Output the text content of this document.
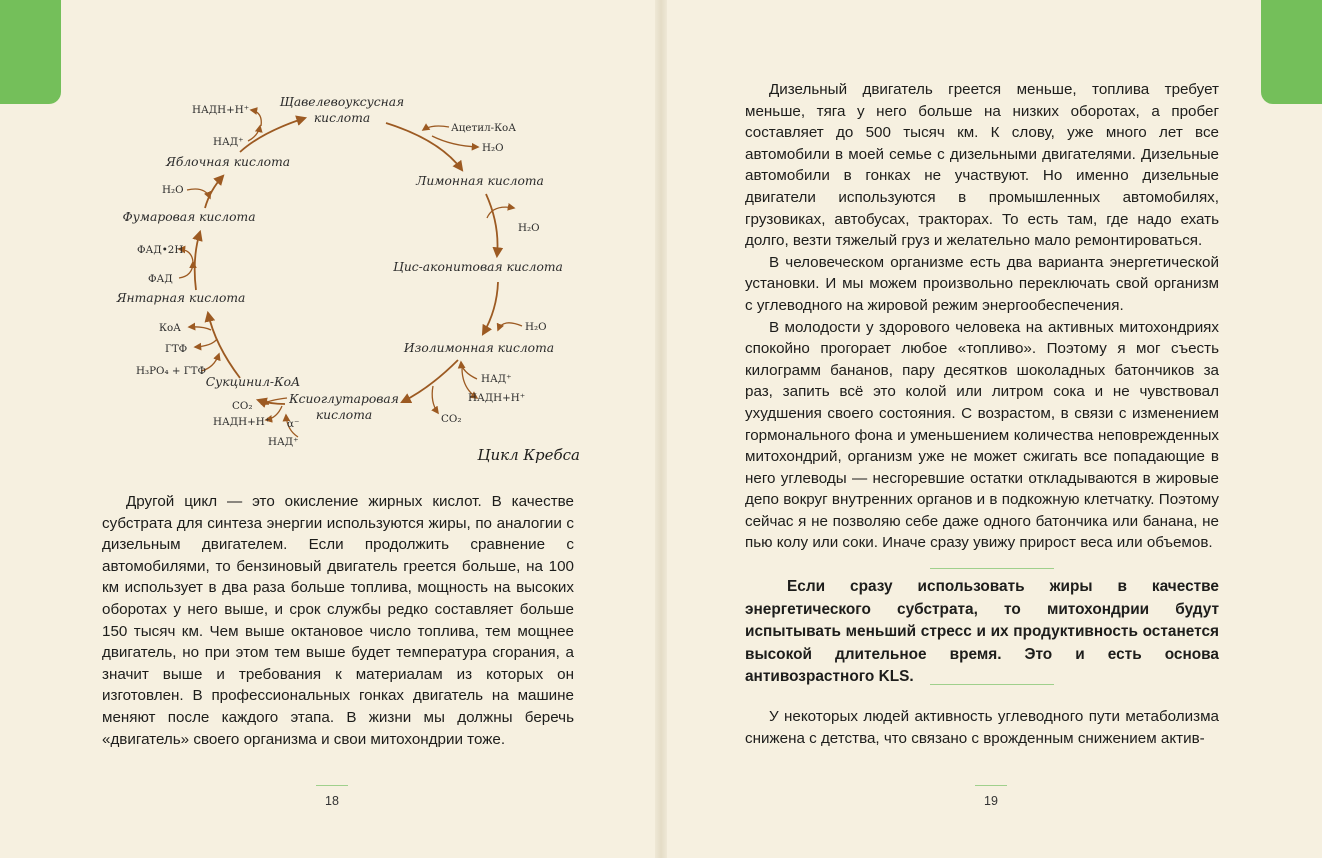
Щавелевоуксусная
кислота
Лимонная кислота
Цис-аконитовая кислота
Изолимонная кислота
Ксиоглутаровая
кислота
Сукцинил-КоА
Янтарная кислота
Фумаровая кислота
Яблочная кислота
Ацетил-КоА
H₂O
H₂O
H₂O
НАД⁺
НАДН+Н⁺
CO₂
CO₂
НАДН+Н⁺ α⁻
НАД⁺
КоА
ГТФ
H₃PO₄ + ГТФ
ФАД
ФАД•2Н
H₂O
НАД⁺
НАДН+Н⁺
Цикл Кребса

Другой цикл — это окисление жирных кислот. В качестве субстрата для синтеза энергии используются жиры, по аналогии с дизельным двигателем. Если продолжить сравнение с автомобилями, то бензиновый двигатель греется больше, на 100 км использует в два раза больше топлива, мощность на высоких оборотах у него выше, и срок службы редко составляет больше 150 тысяч км. Чем выше октановое число топлива, тем мощнее двигатель, но при этом тем выше будет температура сгорания, а значит выше и требования к материалам из которых он изготовлен. В профессиональных гонках двигатель на машине меняют после каждого этапа. В жизни мы должны беречь «двигатель» своего организма и свои митохондрии тоже.

18

Дизельный двигатель греется меньше, топлива требует меньше, тяга у него больше на низких оборотах, а пробег составляет до 500 тысяч км. К слову, уже много лет все автомобили в моей семье с дизельными двигателями. Дизельные автомобили в гонках не участвуют. Но именно дизельные двигатели используются в промышленных автомобилях, грузовиках, автобусах, тракторах. То есть там, где надо ехать долго, везти тяжелый груз и желательно мало ремонтироваться.

В человеческом организме есть два варианта энергетической установки. И мы можем произвольно переключать свой организм с углеводного на жировой режим энергообеспечения.

В молодости у здорового человека на активных митохондриях спокойно прогорает любое «топливо». Поэтому я мог съесть килограмм бананов, пару десятков шоколадных батончиков за раз, запить всё это колой или литром сока и не чувствовал ухудшения своего состояния. С возрастом, в связи с изменением гормонального фона и уменьшением количества неповрежденных митохондрий, организм уже не может сжигать все попадающие в него углеводы — несгоревшие остатки откладываются в жировые депо вокруг внутренних органов и в подкожную клетчатку. Поэтому сейчас я не позволяю себе даже одного батончика или банана, не пью колу или соки. Иначе сразу увижу прирост веса или объемов.

Если сразу использовать жиры в качестве энергетического субстрата, то митохондрии будут испытывать меньший стресс и их продуктивность останется высокой длительное время. Это и есть основа антивозрастного KLS.

У некоторых людей активность углеводного пути метаболизма снижена с детства, что связано с врожденным снижением актив-

19
